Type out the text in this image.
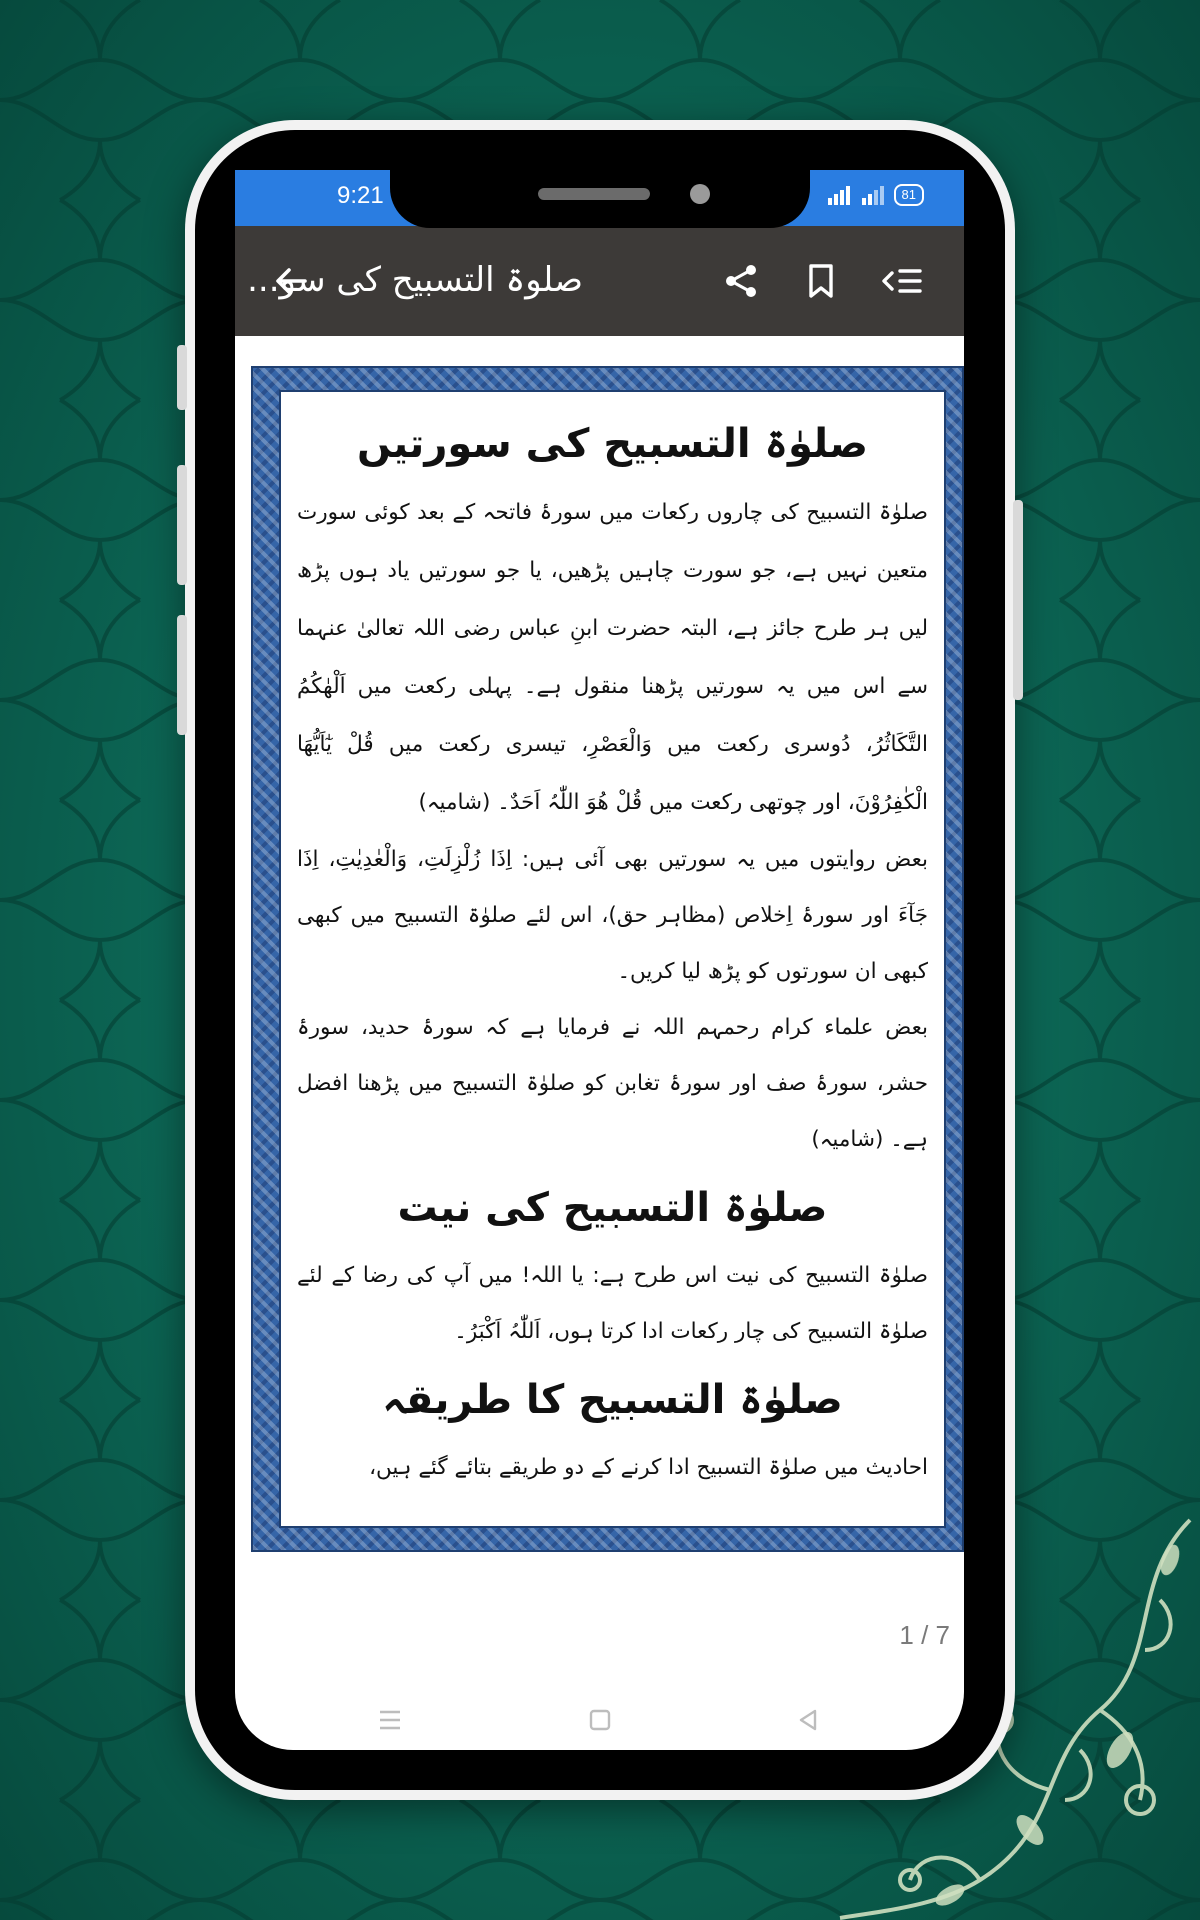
9:21	81
صلوۃ التسبیح کی سو...
صلوٰۃ التسبیح کی سورتیں

صلوٰۃ التسبیح کی چاروں رکعات میں سورۂ فاتحہ کے بعد کوئی سورت متعین نہیں ہے، جو سورت چاہیں پڑھیں، یا جو سورتیں یاد ہوں پڑھ لیں ہر طرح جائز ہے، البتہ حضرت ابنِ عباس رضی اللہ تعالیٰ عنہما سے اس میں یہ سورتیں پڑھنا منقول ہے۔ پہلی رکعت میں اَلْھٰکُمُ التَّکَاثُرُ، دُوسری رکعت میں وَالْعَصْرِ، تیسری رکعت میں قُلْ یٰٓاَیُّھَا الْکٰفِرُوْنَ، اور چوتھی رکعت میں قُلْ ھُوَ اللّٰہُ اَحَدٌ۔ (شامیہ)

بعض روایتوں میں یہ سورتیں بھی آئی ہیں: اِذَا زُلْزِلَتِ، وَالْعٰدِیٰتِ، اِذَا جَآءَ اور سورۂ اِخلاص (مظاہر حق)، اس لئے صلوٰۃ التسبیح میں کبھی کبھی ان سورتوں کو پڑھ لیا کریں۔

بعض علماء کرام رحمہم اللہ نے فرمایا ہے کہ سورۂ حدید، سورۂ حشر، سورۂ صف اور سورۂ تغابن کو صلوٰۃ التسبیح میں پڑھنا افضل ہے۔ (شامیہ)

صلوٰۃ التسبیح کی نیت

صلوٰۃ التسبیح کی نیت اس طرح ہے: یا اللہ! میں آپ کی رضا کے لئے صلوٰۃ التسبیح کی چار رکعات ادا کرتا ہوں، اَللّٰہُ اَکْبَرُ۔

صلوٰۃ التسبیح کا طریقہ

احادیث میں صلوٰۃ التسبیح ادا کرنے کے دو طریقے بتائے گئے ہیں،

1 / 7
